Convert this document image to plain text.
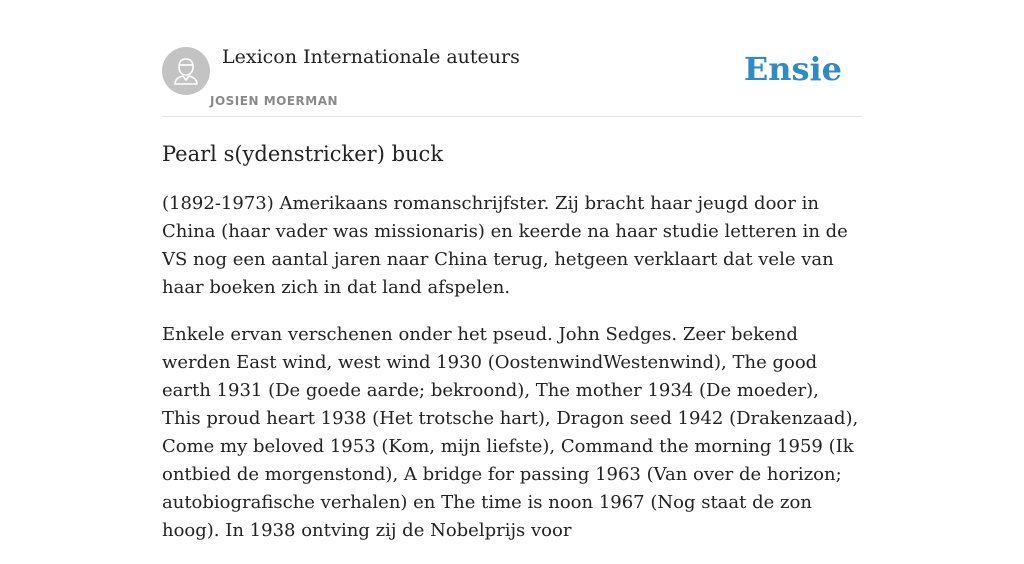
Lexicon Internationale auteurs
JOSIEN MOERMAN
Ensie
Pearl s(ydenstricker) buck

(1892-1973) Amerikaans romanschrijfster. Zij bracht haar jeugd door in China (haar vader was missionaris) en keerde na haar studie letteren in de VS nog een aantal jaren naar China terug, hetgeen verklaart dat vele van haar boeken zich in dat land afspelen.

Enkele ervan verschenen onder het pseud. John Sedges. Zeer bekend werden East wind, west wind 1930 (OostenwindWestenwind), The good earth 1931 (De goede aarde; bekroond), The mother 1934 (De moeder), This proud heart 1938 (Het trotsche hart), Dragon seed 1942 (Drakenzaad), Come my beloved 1953 (Kom, mijn liefste), Command the morning 1959 (Ik ontbied de morgenstond), A bridge for passing 1963 (Van over de horizon; autobiografische verhalen) en The time is noon 1967 (Nog staat de zon hoog). In 1938 ontving zij de Nobelprijs voor
